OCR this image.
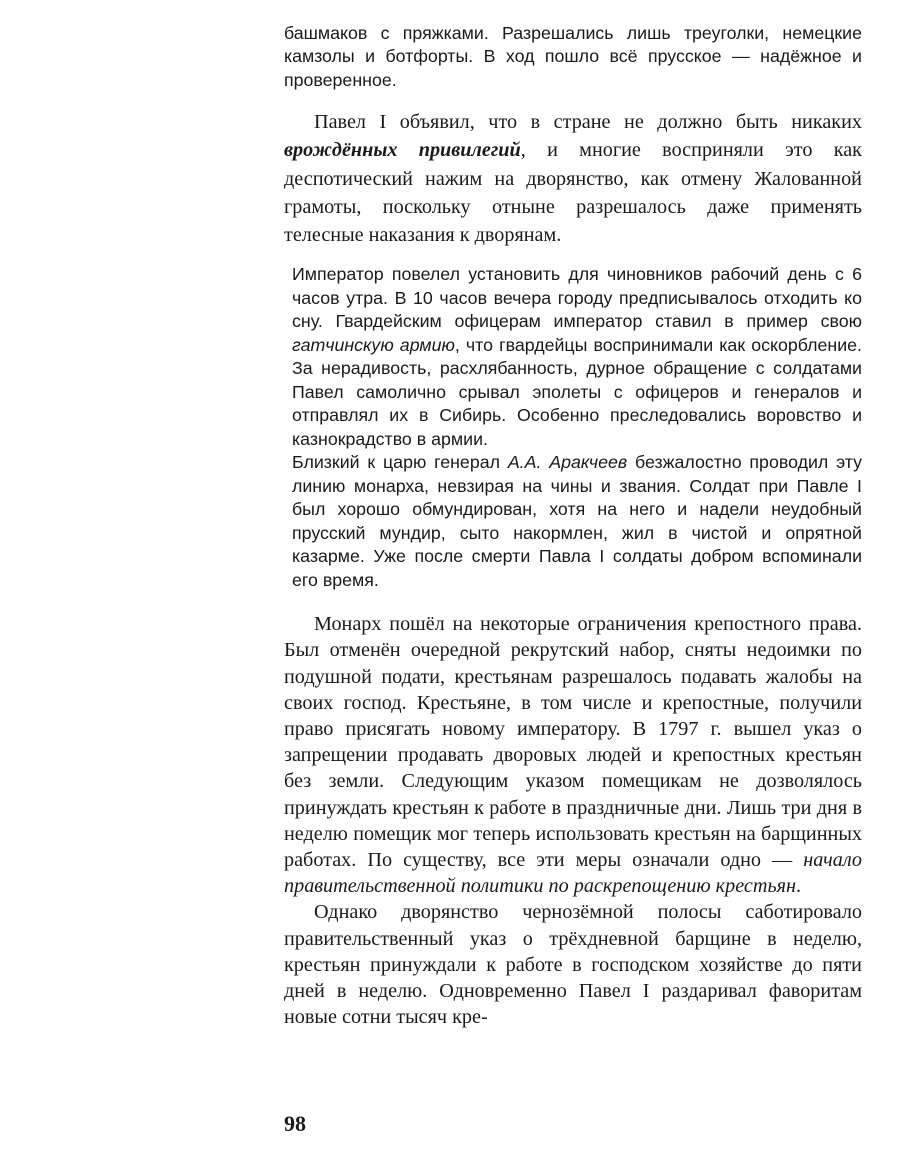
башмаков с пряжками. Разрешались лишь треуголки, немецкие камзолы и ботфорты. В ход пошло всё прусское — надёжное и проверенное.

Павел I объявил, что в стране не должно быть никаких врождённых привилегий, и многие восприняли это как деспотический нажим на дворянство, как отмену Жалованной грамоты, поскольку отныне разрешалось даже применять телесные наказания к дворянам.

Император повелел установить для чиновников рабочий день с 6 часов утра. В 10 часов вечера городу предписывалось отходить ко сну. Гвардейским офицерам император ставил в пример свою гатчинскую армию, что гвардейцы воспринимали как оскорбление. За нерадивость, расхлябанность, дурное обращение с солдатами Павел самолично срывал эполеты с офицеров и генералов и отправлял их в Сибирь. Особенно преследовались воровство и казнокрадство в армии.

Близкий к царю генерал А.А. Аракчеев безжалостно проводил эту линию монарха, невзирая на чины и звания. Солдат при Павле I был хорошо обмундирован, хотя на него и надели неудобный прусский мундир, сыто накормлен, жил в чистой и опрятной казарме. Уже после смерти Павла I солдаты добром вспоминали его время.

Монарх пошёл на некоторые ограничения крепостного права. Был отменён очередной рекрутский набор, сняты недоимки по подушной подати, крестьянам разрешалось подавать жалобы на своих господ. Крестьяне, в том числе и крепостные, получили право присягать новому императору. В 1797 г. вышел указ о запрещении продавать дворовых людей и крепостных крестьян без земли. Следующим указом помещикам не дозволялось принуждать крестьян к работе в праздничные дни. Лишь три дня в неделю помещик мог теперь использовать крестьян на барщинных работах. По существу, все эти меры означали одно — начало правительственной политики по раскрепощению крестьян.

Однако дворянство чернозёмной полосы саботировало правительственный указ о трёхдневной барщине в неделю, крестьян принуждали к работе в господском хозяйстве до пяти дней в неделю. Одновременно Павел I раздаривал фаворитам новые сотни тысяч кре-

98
